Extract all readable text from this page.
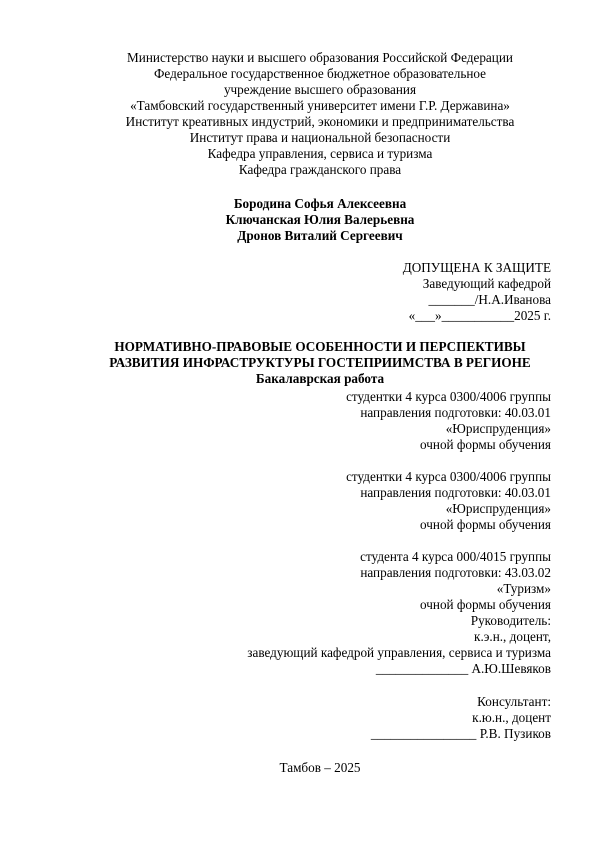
Министерство науки и высшего образования Российской Федерации
Федеральное государственное бюджетное образовательное
учреждение высшего образования
«Тамбовский государственный университет имени Г.Р. Державина»
Институт креативных индустрий, экономики и предпринимательства
Институт права и национальной безопасности
Кафедра управления, сервиса и туризма
Кафедра гражданского права
Бородина Софья Алексеевна
Ключанская Юлия Валерьевна
Дронов Виталий Сергеевич
ДОПУЩЕНА К ЗАЩИТЕ
Заведующий кафедрой
_______/Н.А.Иванова
«___»___________2025 г.
НОРМАТИВНО-ПРАВОВЫЕ ОСОБЕННОСТИ И ПЕРСПЕКТИВЫ
РАЗВИТИЯ ИНФРАСТРУКТУРЫ ГОСТЕПРИИМСТВА В РЕГИОНЕ
Бакалаврская работа
студентки 4 курса 0300/4006 группы
направления подготовки: 40.03.01
«Юриспруденция»
очной формы обучения
студентки 4 курса 0300/4006 группы
направления подготовки: 40.03.01
«Юриспруденция»
очной формы обучения
студента 4 курса 000/4015 группы
направления подготовки: 43.03.02
«Туризм»
очной формы обучения
Руководитель:
к.э.н., доцент,
заведующий кафедрой управления, сервиса и туризма
______________ А.Ю.Шевяков
Консультант:
к.ю.н., доцент
________________ Р.В. Пузиков
Тамбов – 2025
